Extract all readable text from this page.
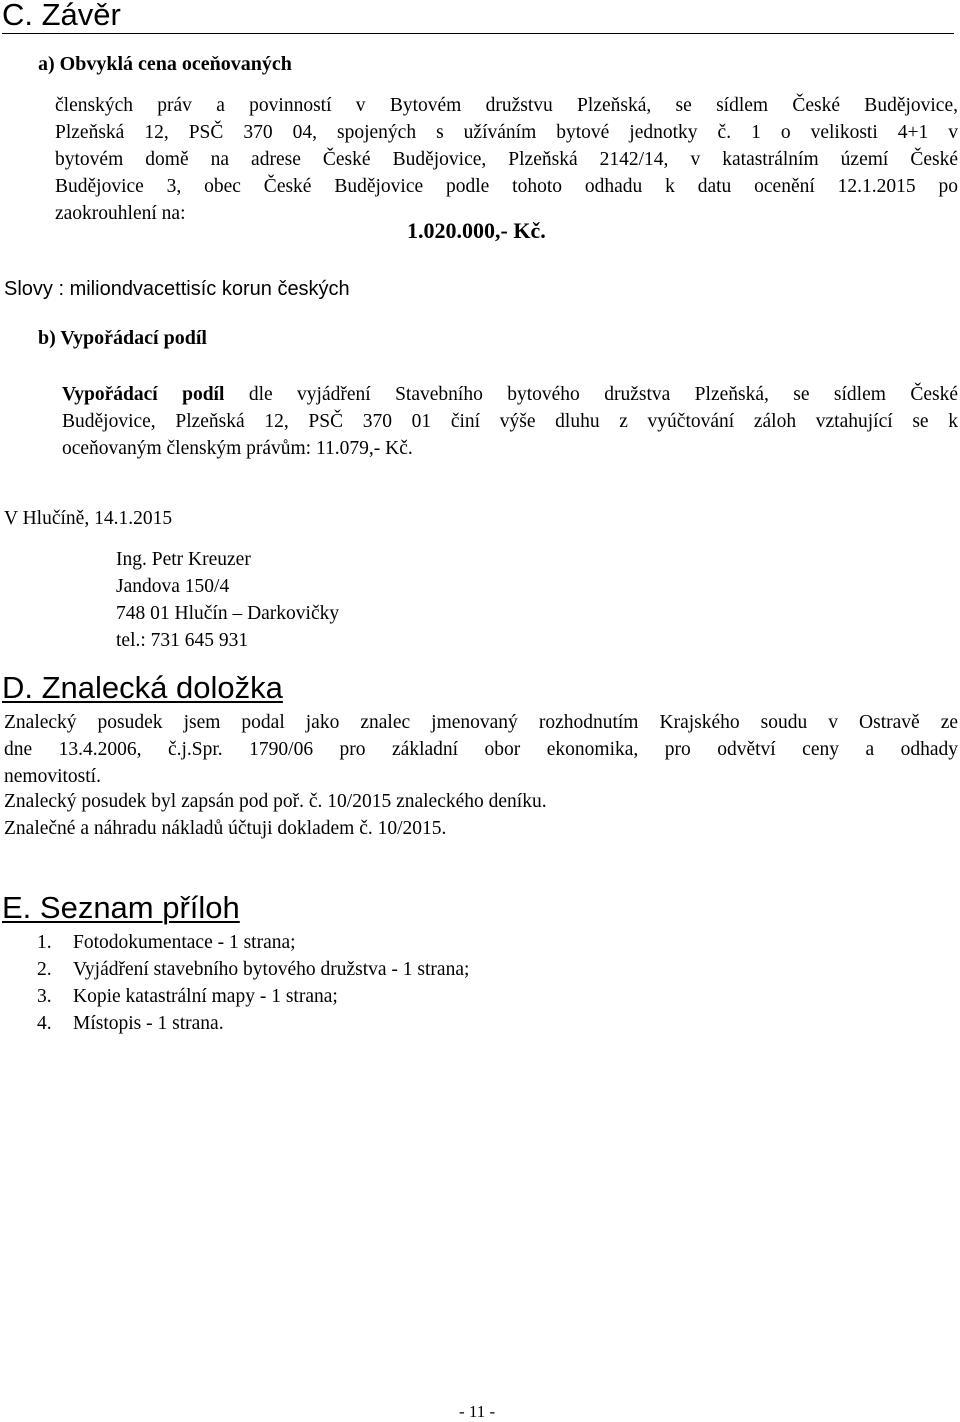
C. Závěr
a) Obvyklá cena oceňovaných
členských práv a povinností v Bytovém družstvu Plzeňská, se sídlem České Budějovice,
Plzeňská 12, PSČ 370 04, spojených s užíváním bytové jednotky č. 1 o velikosti 4+1 v
bytovém domě na adrese České Budějovice, Plzeňská 2142/14, v katastrálním území České
Budějovice 3, obec České Budějovice podle tohoto odhadu k datu ocenění 12.1.2015 po
zaokrouhlení na:
1.020.000,- Kč.
Slovy : miliondvacettisíc korun českých
b) Vypořádací podíl
Vypořádací podíl dle vyjádření Stavebního bytového družstva Plzeňská, se sídlem České
Budějovice, Plzeňská 12, PSČ 370 01 činí výše dluhu z vyúčtování záloh vztahující se k
oceňovaným členským právům: 11.079,- Kč.
V Hlučíně, 14.1.2015
Ing. Petr Kreuzer
Jandova 150/4
748 01 Hlučín – Darkovičky
tel.: 731 645 931
D. Znalecká doložka
Znalecký posudek jsem podal jako znalec jmenovaný rozhodnutím Krajského soudu v Ostravě ze
dne 13.4.2006, č.j.Spr. 1790/06 pro základní obor ekonomika, pro odvětví ceny a odhady
nemovitostí.
Znalecký posudek byl zapsán pod poř. č. 10/2015 znaleckého deníku.
Znalečné a náhradu nákladů účtuji dokladem č. 10/2015.
E. Seznam příloh
1. Fotodokumentace - 1 strana;
2. Vyjádření stavebního bytového družstva - 1 strana;
3. Kopie katastrální mapy - 1 strana;
4. Místopis - 1 strana.
- 11 -
